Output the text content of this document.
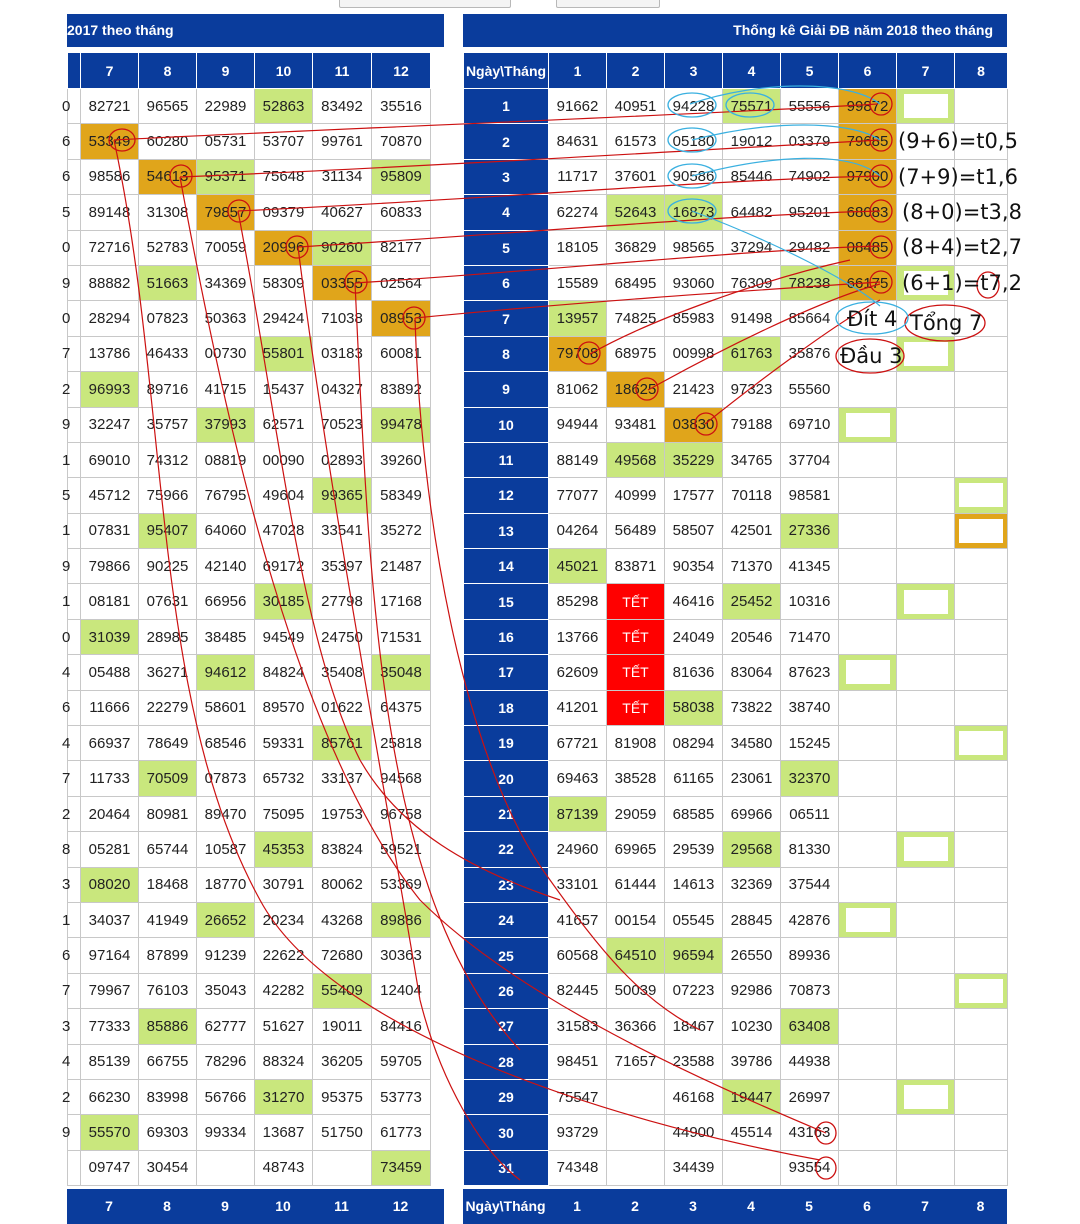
2017 theo tháng	Thống kê Giải ĐB năm 2018 theo tháng
	7	8	9	10	11	12
0	82721	96565	22989	52863	83492	35516
6	53349	60280	05731	53707	99761	70870
6	98586	54613	95371	75648	31134	95809
5	89148	31308	79857	09379	40627	60833
0	72716	52783	70059	20996	90260	82177
9	88882	51663	34369	58309	03355	02564
0	28294	07823	50363	29424	71038	08953
7	13786	46433	00730	55801	03183	60081
2	96993	89716	41715	15437	04327	83892
9	32247	35757	37993	62571	70523	99478
1	69010	74312	08819	00090	02893	39260
5	45712	75966	76795	49604	99365	58349
1	07831	95407	64060	47028	33541	35272
9	79866	90225	42140	69172	35397	21487
1	08181	07631	66956	30185	27798	17168
0	31039	28985	38485	94549	24750	71531
4	05488	36271	94612	84824	35408	35048
6	11666	22279	58601	89570	01622	64375
4	66937	78649	68546	59331	85761	25818
7	11733	70509	07873	65732	33137	94568
2	20464	80981	89470	75095	19753	96758
8	05281	65744	10587	45353	83824	59521
3	08020	18468	18770	30791	80062	53369
1	34037	41949	26652	20234	43268	89886
6	97164	87899	91239	22622	72680	30363
7	79967	76103	35043	42282	55409	12404
3	77333	85886	62777	51627	19011	84416
4	85139	66755	78296	88324	36205	59705
2	66230	83998	56766	31270	95375	53773
9	55570	69303	99334	13687	51750	61773
	09747	30454		48743		73459
Ngày\Tháng	1	2	3	4	5	6	7	8
1	91662	40951	94228	75571	55556	99872		
2	84631	61573	05180	19012	03379	79685		
3	11717	37601	90586	85446	74902	97900		
4	62274	52643	16873	64482	95201	68083		
5	18105	36829	98565	37294	29482	08485		
6	15589	68495	93060	76309	78238	66175		
7	13957	74825	85983	91498	85664			
8	79708	68975	00998	61763	35876			
9	81062	18625	21423	97323	55560			
10	94944	93481	03830	79188	69710			
11	88149	49568	35229	34765	37704			
12	77077	40999	17577	70118	98581			
13	04264	56489	58507	42501	27336			
14	45021	83871	90354	71370	41345			
15	85298	TẾT	46416	25452	10316			
16	13766	TẾT	24049	20546	71470			
17	62609	TẾT	81636	83064	87623			
18	41201	TẾT	58038	73822	38740			
19	67721	81908	08294	34580	15245			
20	69463	38528	61165	23061	32370			
21	87139	29059	68585	69966	06511			
22	24960	69965	29539	29568	81330			
23	33101	61444	14613	32369	37544			
24	41657	00154	05545	28845	42876			
25	60568	64510	96594	26550	89936			
26	82445	50039	07223	92986	70873			
27	31583	36366	18467	10230	63408			
28	98451	71657	23588	39786	44938			
29	75547		46168	19447	26997			
30	93729		44900	45514	43163			
31	74348		34439		93554			
7	8	9	10	11	12	Ngày\Tháng	1	2	3	4	5	6	7	8
(9+6)=t0,5
(7+9)=t1,6
(8+0)=t3,8
(8+4)=t2,7
(6+1)=t7,2
Đít 4 Tổng 7
Đầu 3
